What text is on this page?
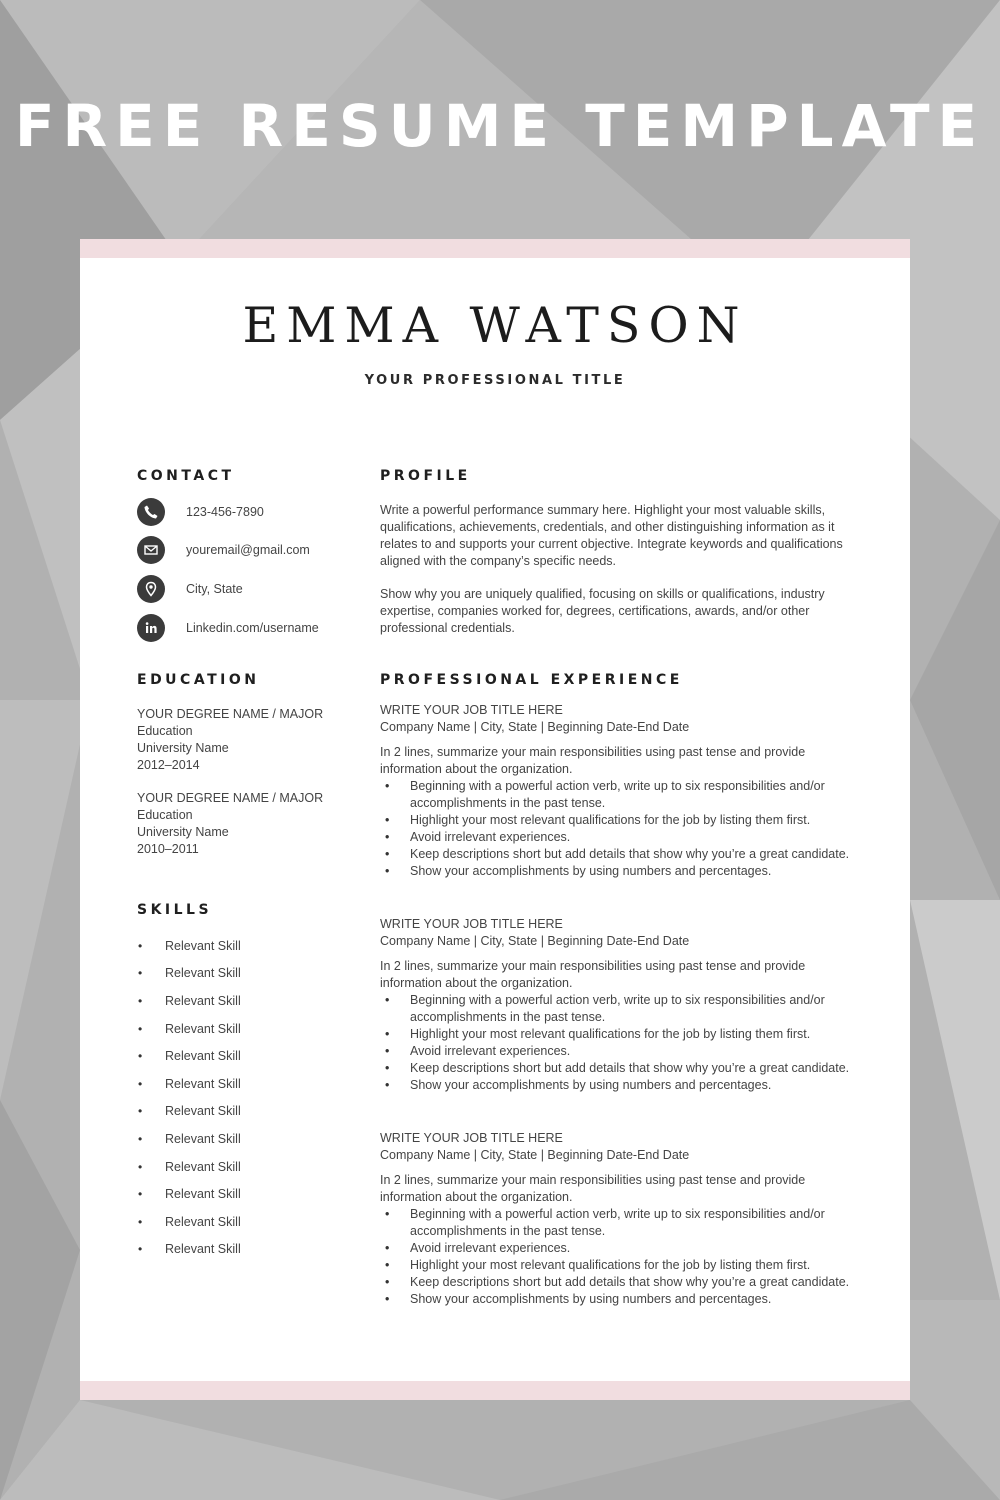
FREE RESUME TEMPLATE
EMMA WATSON
YOUR PROFESSIONAL TITLE
CONTACT
123-456-7890
youremail@gmail.com
City, State
Linkedin.com/username
EDUCATION
YOUR DEGREE NAME / MAJOR
Education
University Name
2012–2014
YOUR DEGREE NAME / MAJOR
Education
University Name
2010–2011
SKILLS
• Relevant Skill
• Relevant Skill
• Relevant Skill
• Relevant Skill
• Relevant Skill
• Relevant Skill
• Relevant Skill
• Relevant Skill
• Relevant Skill
• Relevant Skill
• Relevant Skill
• Relevant Skill
PROFILE
Write a powerful performance summary here. Highlight your most valuable skills, qualifications, achievements, credentials, and other distinguishing information as it relates to and supports your current objective. Integrate keywords and qualifications aligned with the company’s specific needs.
Show why you are uniquely qualified, focusing on skills or qualifications, industry expertise, companies worked for, degrees, certifications, awards, and/or other professional credentials.
PROFESSIONAL EXPERIENCE
WRITE YOUR JOB TITLE HERE
Company Name | City, State | Beginning Date-End Date
In 2 lines, summarize your main responsibilities using past tense and provide information about the organization.
• Beginning with a powerful action verb, write up to six responsibilities and/or accomplishments in the past tense.
• Highlight your most relevant qualifications for the job by listing them first.
• Avoid irrelevant experiences.
• Keep descriptions short but add details that show why you’re a great candidate.
• Show your accomplishments by using numbers and percentages.
WRITE YOUR JOB TITLE HERE
Company Name | City, State | Beginning Date-End Date
In 2 lines, summarize your main responsibilities using past tense and provide information about the organization.
• Beginning with a powerful action verb, write up to six responsibilities and/or accomplishments in the past tense.
• Highlight your most relevant qualifications for the job by listing them first.
• Avoid irrelevant experiences.
• Keep descriptions short but add details that show why you’re a great candidate.
• Show your accomplishments by using numbers and percentages.
WRITE YOUR JOB TITLE HERE
Company Name | City, State | Beginning Date-End Date
In 2 lines, summarize your main responsibilities using past tense and provide information about the organization.
• Beginning with a powerful action verb, write up to six responsibilities and/or accomplishments in the past tense.
• Avoid irrelevant experiences.
• Highlight your most relevant qualifications for the job by listing them first.
• Keep descriptions short but add details that show why you’re a great candidate.
• Show your accomplishments by using numbers and percentages.
